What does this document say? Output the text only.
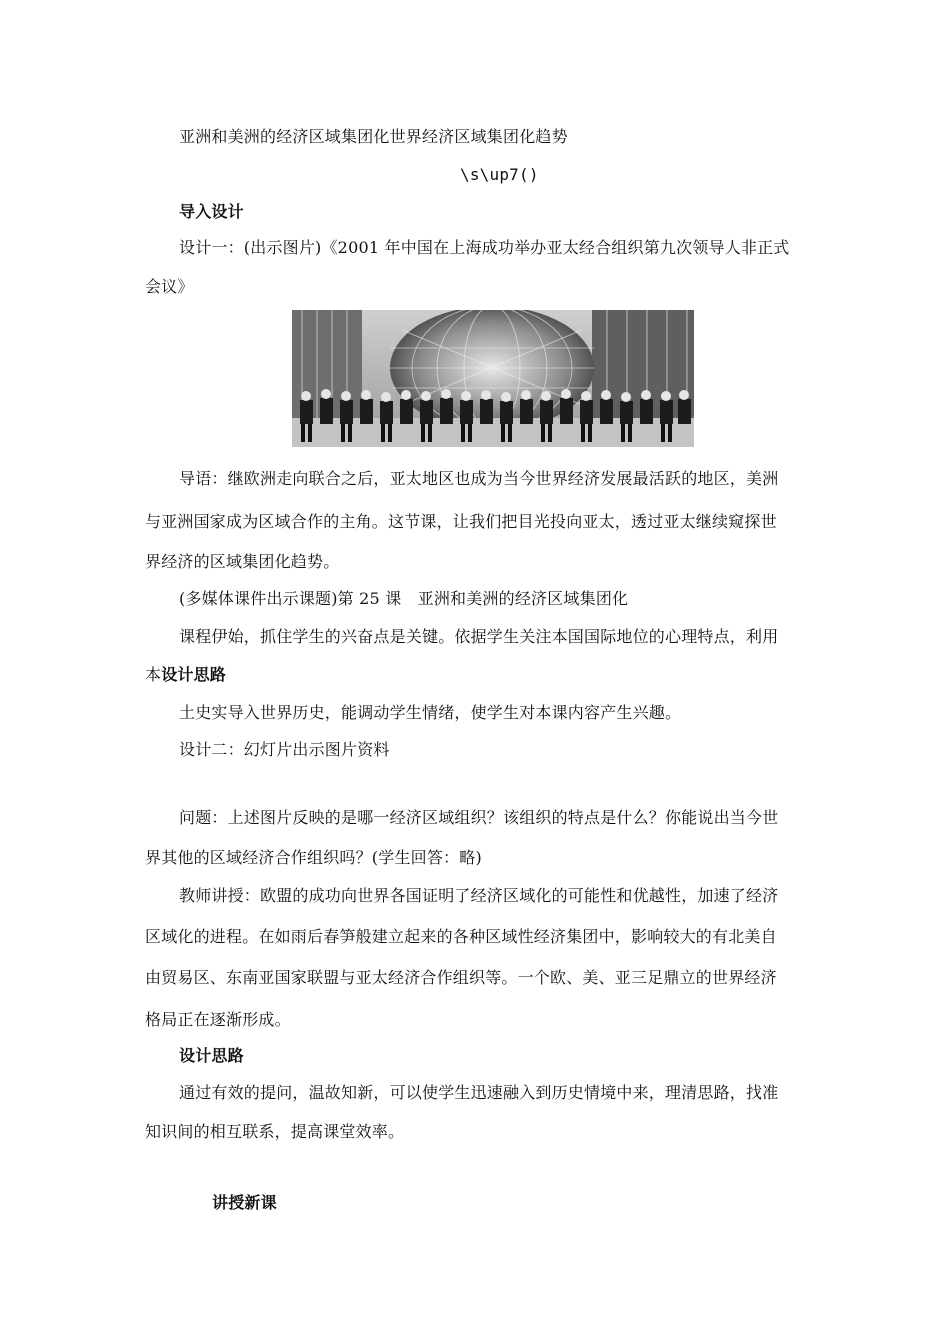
亚洲和美洲的经济区域集团化世界经济区域集团化趋势
\s\up7()
导入设计
设计一：(出示图片)《2001 年中国在上海成功举办亚太经合组织第九次领导人非正式
会议》
导语：继欧洲走向联合之后，亚太地区也成为当今世界经济发展最活跃的地区，美洲
与亚洲国家成为区域合作的主角。这节课，让我们把目光投向亚太，透过亚太继续窥探世
界经济的区域集团化趋势。
(多媒体课件出示课题)第 25 课　亚洲和美洲的经济区域集团化
课程伊始，抓住学生的兴奋点是关键。依据学生关注本国国际地位的心理特点，利用
本设计思路
土史实导入世界历史，能调动学生情绪，使学生对本课内容产生兴趣。
设计二：幻灯片出示图片资料
问题：上述图片反映的是哪一经济区域组织？该组织的特点是什么？你能说出当今世
界其他的区域经济合作组织吗？(学生回答：略)
教师讲授：欧盟的成功向世界各国证明了经济区域化的可能性和优越性，加速了经济
区域化的进程。在如雨后春笋般建立起来的各种区域性经济集团中，影响较大的有北美自
由贸易区、东南亚国家联盟与亚太经济合作组织等。一个欧、美、亚三足鼎立的世界经济
格局正在逐渐形成。
设计思路
通过有效的提问，温故知新，可以使学生迅速融入到历史情境中来，理清思路，找准
知识间的相互联系，提高课堂效率。
讲授新课
